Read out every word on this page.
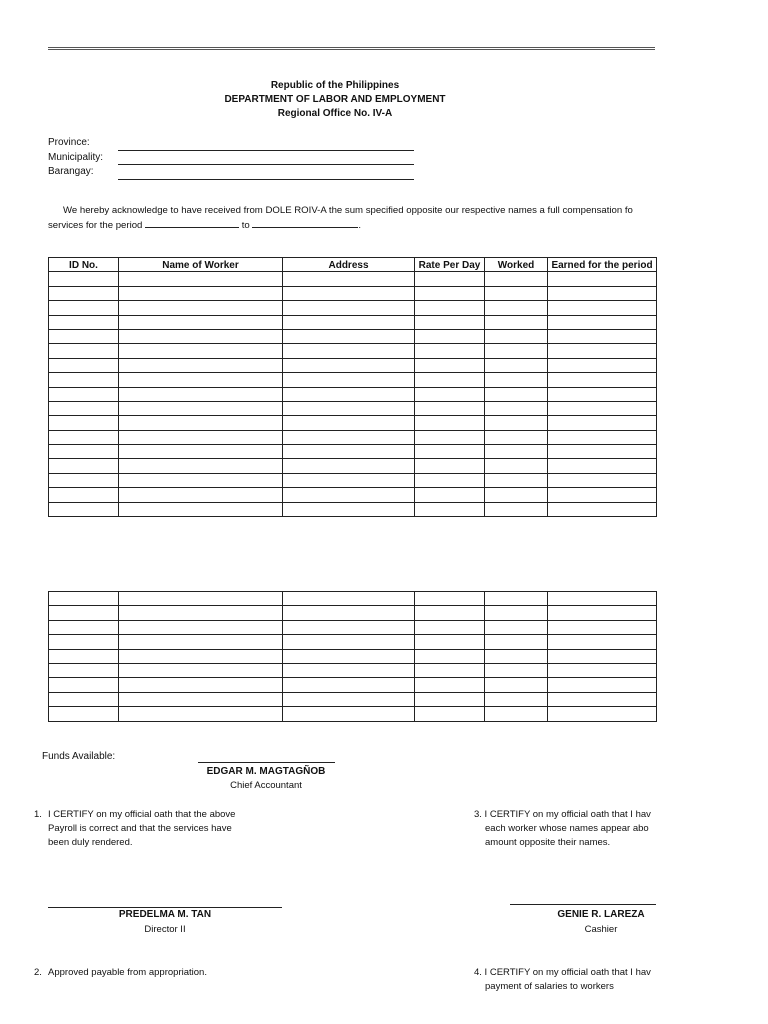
Republic of the Philippines
DEPARTMENT OF LABOR AND EMPLOYMENT
Regional Office No. IV-A
Province:
Municipality:
Barangay:
We hereby acknowledge to have received from DOLE ROIV-A the sum specified opposite our respective names a full compensation fo
services for the period	to	.
ID No.	Name of Worker	Address	Rate Per Day	Worked	Earned for the period

Funds Available:
EDGAR M. MAGTAGÑOB
Chief Accountant
1. I CERTIFY on my official oath that the above
Payroll is correct and that the services have
been duly rendered.
3. I CERTIFY on my official oath that I hav
each worker whose names appear abo
amount opposite their names.
PREDELMA M. TAN
Director II
GENIE R. LAREZA
Cashier
2. Approved payable from appropriation.	4. I CERTIFY on my official oath that I hav
payment of salaries to workers
